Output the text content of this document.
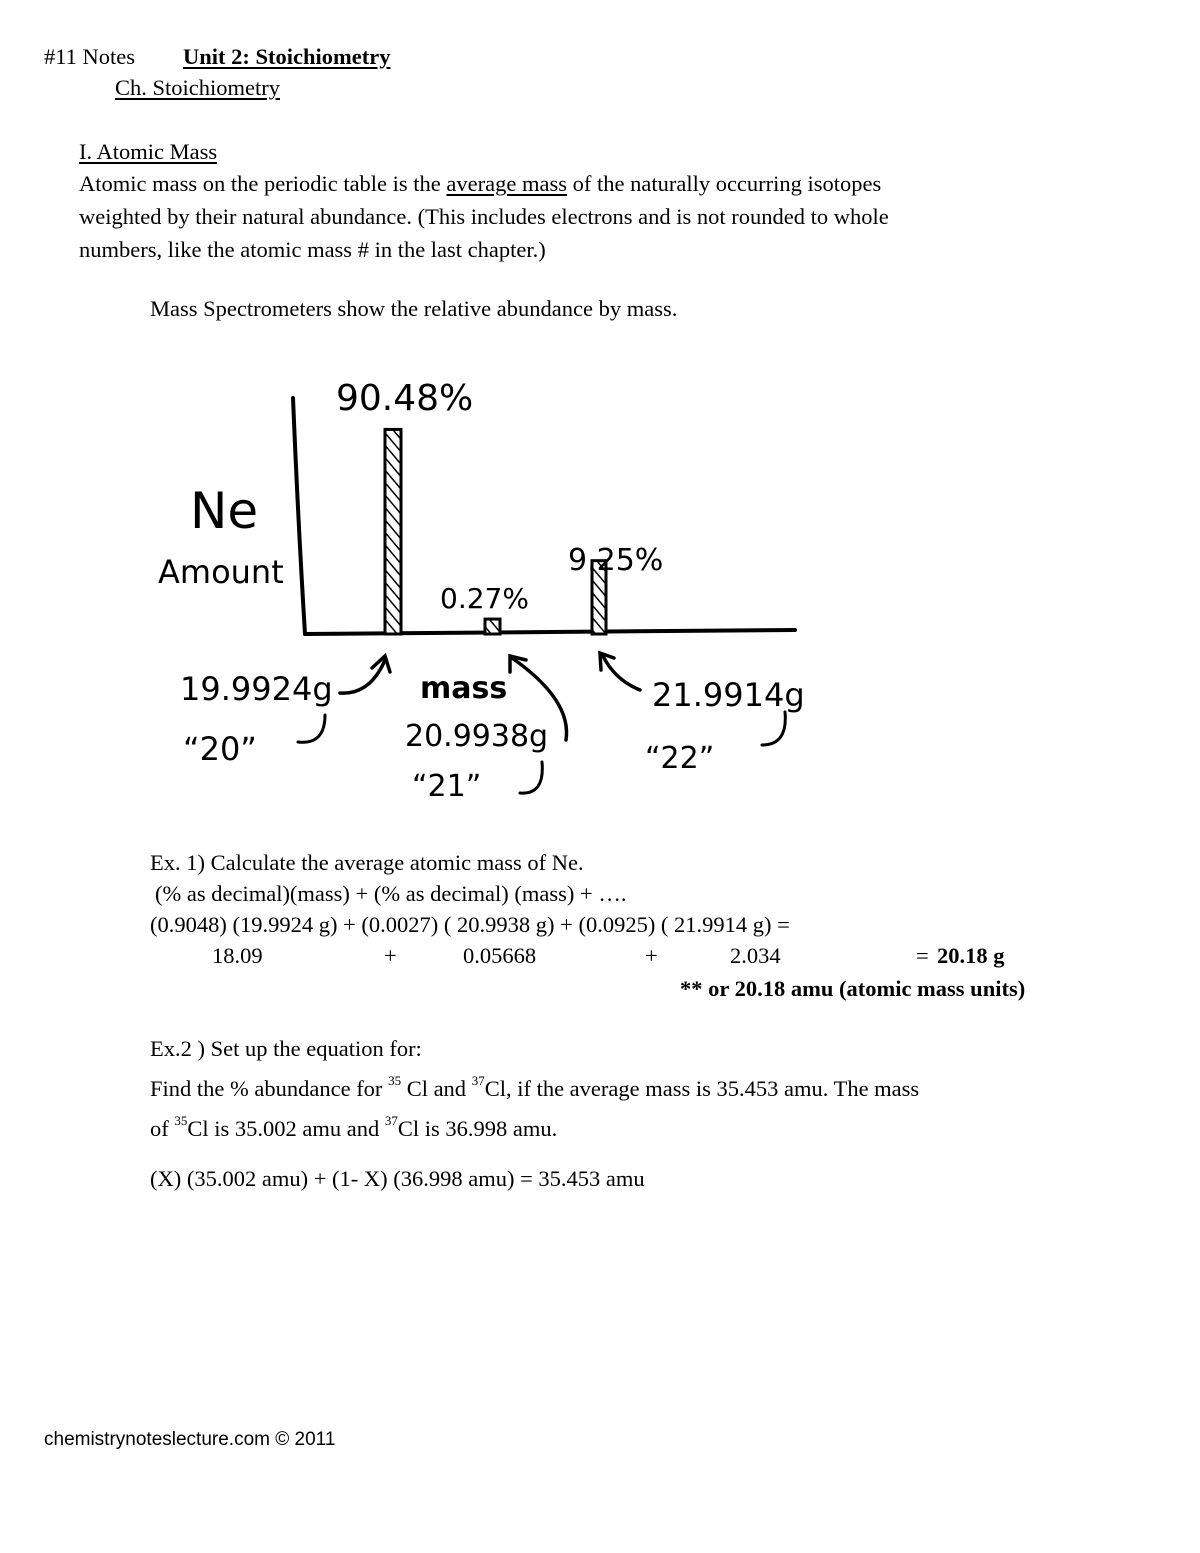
#11 Notes Unit 2: Stoichiometry
Ch. Stoichiometry
I. Atomic Mass
Atomic mass on the periodic table is the average mass of the naturally occurring isotopes
weighted by their natural abundance. (This includes electrons and is not rounded to whole
numbers, like the atomic mass # in the last chapter.)
Mass Spectrometers show the relative abundance by mass.
90.48%
0.27%
9.25%
Ne
Amount
mass
19.9924g
“20”	20.9938g
“21”
21.9914g
“22”
Ex. 1) Calculate the average atomic mass of Ne.
(% as decimal)(mass) + (% as decimal) (mass) + ….
(0.9048) (19.9924 g) + (0.0027) ( 20.9938 g) + (0.0925) ( 21.9914 g) =
18.09	+	0.05668	+	2.034	= 20.18 g
** or 20.18 amu (atomic mass units)
Ex.2 ) Set up the equation for:
Find the % abundance for $^{35}$ Cl and $^{37}$Cl, if the average mass is 35.453 amu. The mass
of $^{35}$Cl is 35.002 amu and $^{37}$Cl is 36.998 amu.
(X) (35.002 amu) + (1- X) (36.998 amu) = 35.453 amu
chemistrynoteslecture.com © 2011
